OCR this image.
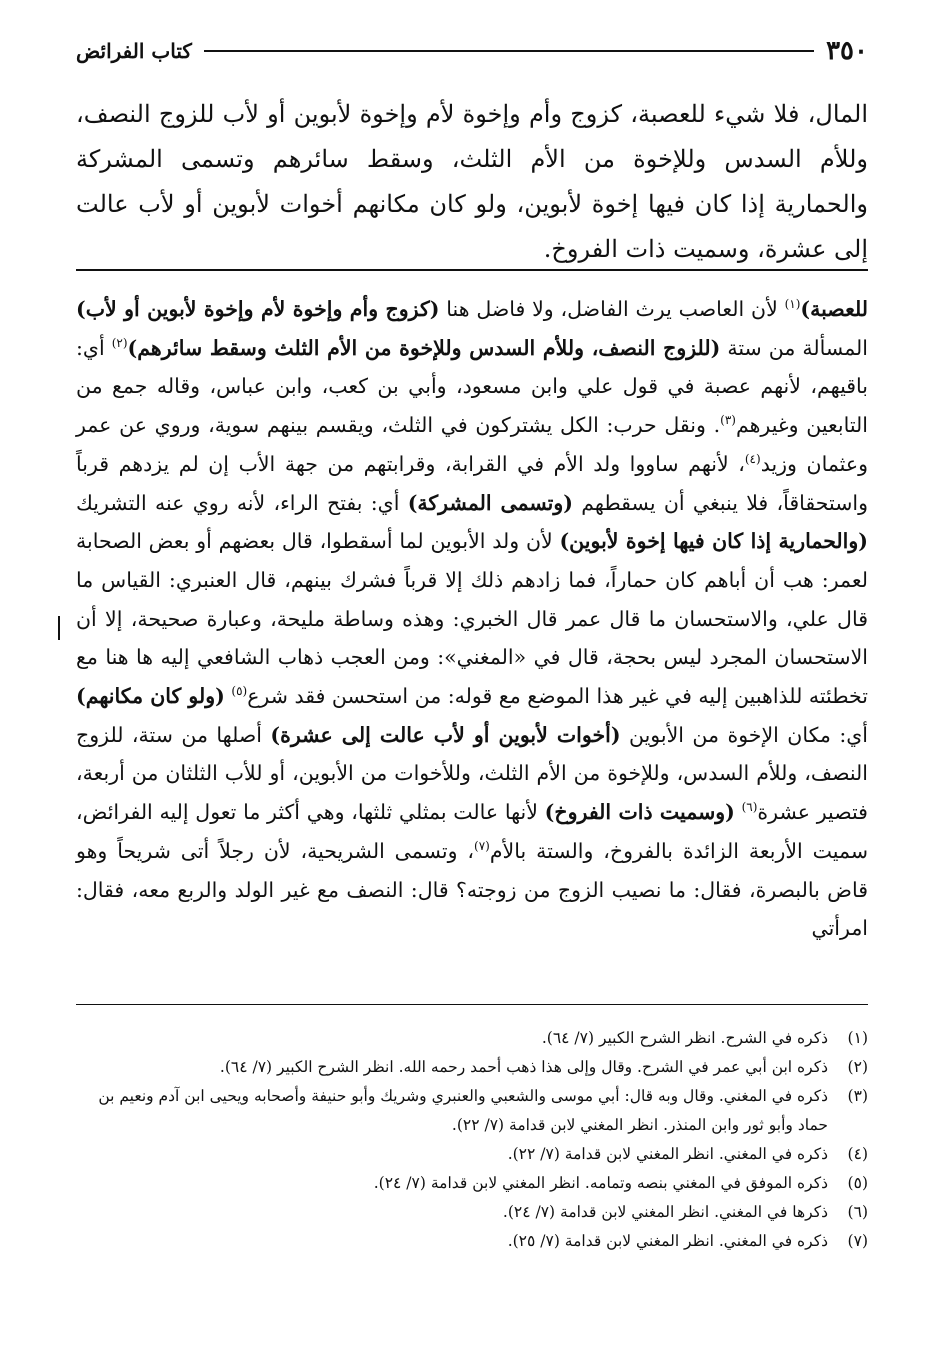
٣٥٠
كتاب الفرائض
المال، فلا شيء للعصبة، كزوج وأم وإخوة لأم وإخوة لأبوين أو لأب للزوج النصف، وللأم السدس وللإخوة من الأم الثلث، وسقط سائرهم وتسمى المشركة والحمارية إذا كان فيها إخوة لأبوين، ولو كان مكانهم أخوات لأبوين أو لأب عالت إلى عشرة، وسميت ذات الفروخ.

للعصبة)$^{(١)}$ لأن العاصب يرث الفاضل، ولا فاضل هنا (كزوج وأم وإخوة لأم وإخوة لأبوين أو لأب) المسألة من ستة (للزوج النصف، وللأم السدس وللإخوة من الأم الثلث وسقط سائرهم)$^{(٢)}$ أي: باقيهم، لأنهم عصبة في قول علي وابن مسعود، وأبي بن كعب، وابن عباس، وقاله جمع من التابعين وغيرهم$^{(٣)}$. ونقل حرب: الكل يشتركون في الثلث، ويقسم بينهم سوية، وروي عن عمر وعثمان وزيد$^{(٤)}$، لأنهم ساووا ولد الأم في القرابة، وقرابتهم من جهة الأب إن لم يزدهم قرباً واستحقاقاً، فلا ينبغي أن يسقطهم (وتسمى المشركة) أي: بفتح الراء، لأنه روي عنه التشريك (والحمارية إذا كان فيها إخوة لأبوين) لأن ولد الأبوين لما أسقطوا، قال بعضهم أو بعض الصحابة لعمر: هب أن أباهم كان حماراً، فما زادهم ذلك إلا قرباً فشرك بينهم، قال العنبري: القياس ما قال علي، والاستحسان ما قال عمر قال الخبري: وهذه وساطة مليحة، وعبارة صحيحة، إلا أن الاستحسان المجرد ليس بحجة، قال في «المغني»: ومن العجب ذهاب الشافعي إليه ها هنا مع تخطئته للذاهبين إليه في غير هذا الموضع مع قوله: من استحسن فقد شرع$^{(٥)}$ (ولو كان مكانهم) أي: مكان الإخوة من الأبوين (أخوات لأبوين أو لأب عالت إلى عشرة) أصلها من ستة، للزوج النصف، وللأم السدس، وللإخوة من الأم الثلث، وللأخوات من الأبوين، أو للأب الثلثان من أربعة، فتصير عشرة$^{(٦)}$ (وسميت ذات الفروخ) لأنها عالت بمثلي ثلثها، وهي أكثر ما تعول إليه الفرائض، سميت الأربعة الزائدة بالفروخ، والستة بالأم$^{(٧)}$، وتسمى الشريحية، لأن رجلاً أتى شريحاً وهو قاض بالبصرة، فقال: ما نصيب الزوج من زوجته؟ قال: النصف مع غير الولد والربع معه، فقال: امرأتي

(١)
ذكره في الشرح. انظر الشرح الكبير (٧/ ٦٤).
(٢)
ذكره ابن أبي عمر في الشرح. وقال وإلى هذا ذهب أحمد رحمه الله. انظر الشرح الكبير (٧/ ٦٤).
(٣)
ذكره في المغني. وقال وبه قال: أبي موسى والشعبي والعنبري وشريك وأبو حنيفة وأصحابه ويحيى ابن آدم ونعيم بن حماد وأبو ثور وابن المنذر. انظر المغني لابن قدامة (٧/ ٢٢).
(٤)
ذكره في المغني. انظر المغني لابن قدامة (٧/ ٢٢).
(٥)
ذكره الموفق في المغني بنصه وتمامه. انظر المغني لابن قدامة (٧/ ٢٤).
(٦)
ذكرها في المغني. انظر المغني لابن قدامة (٧/ ٢٤).
(٧)
ذكره في المغني. انظر المغني لابن قدامة (٧/ ٢٥).
